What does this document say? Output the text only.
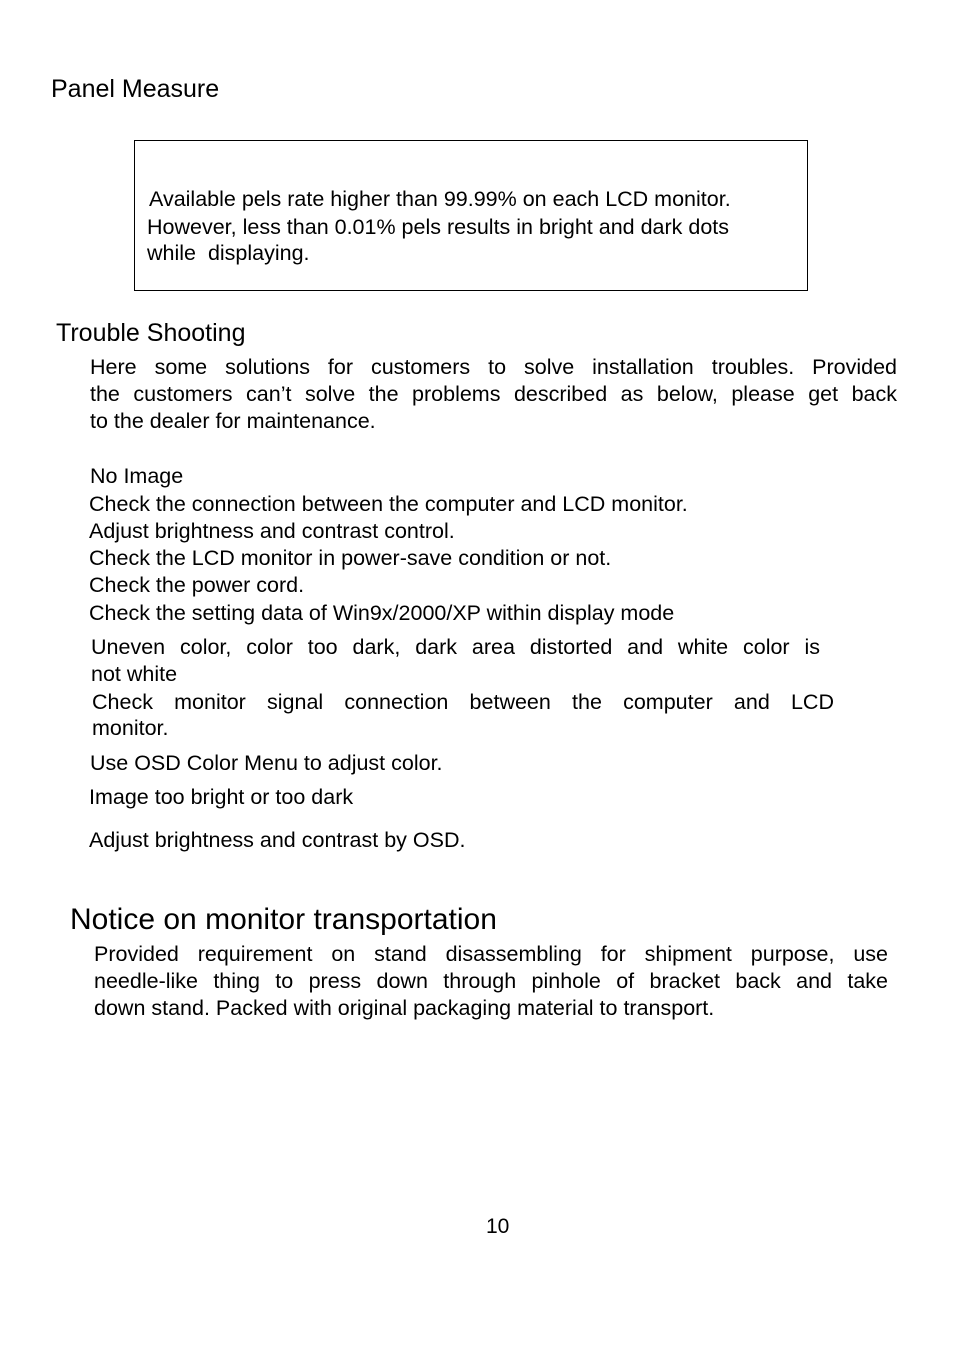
Panel Measure
Available pels rate higher than 99.99% on each LCD monitor.
However, less than 0.01% pels results in bright and dark dots
while  displaying.
Trouble Shooting
Here some solutions for customers to solve installation troubles. Provided
the customers can’t solve the problems described as below, please get back
to the dealer for maintenance.
No Image
Check the connection between the computer and LCD monitor.
Adjust brightness and contrast control.
Check the LCD monitor in power-save condition or not.
Check the power cord.
Check the setting data of Win9x/2000/XP within display mode
Uneven color, color too dark, dark area distorted and white color is
not white
Check monitor signal connection between the computer and LCD
monitor.
Use OSD Color Menu to adjust color.
Image too bright or too dark
Adjust brightness and contrast by OSD.
Notice on monitor transportation
Provided requirement on stand disassembling for shipment purpose, use
needle-like thing to press down through pinhole of bracket back and take
down stand. Packed with original packaging material to transport.
10
